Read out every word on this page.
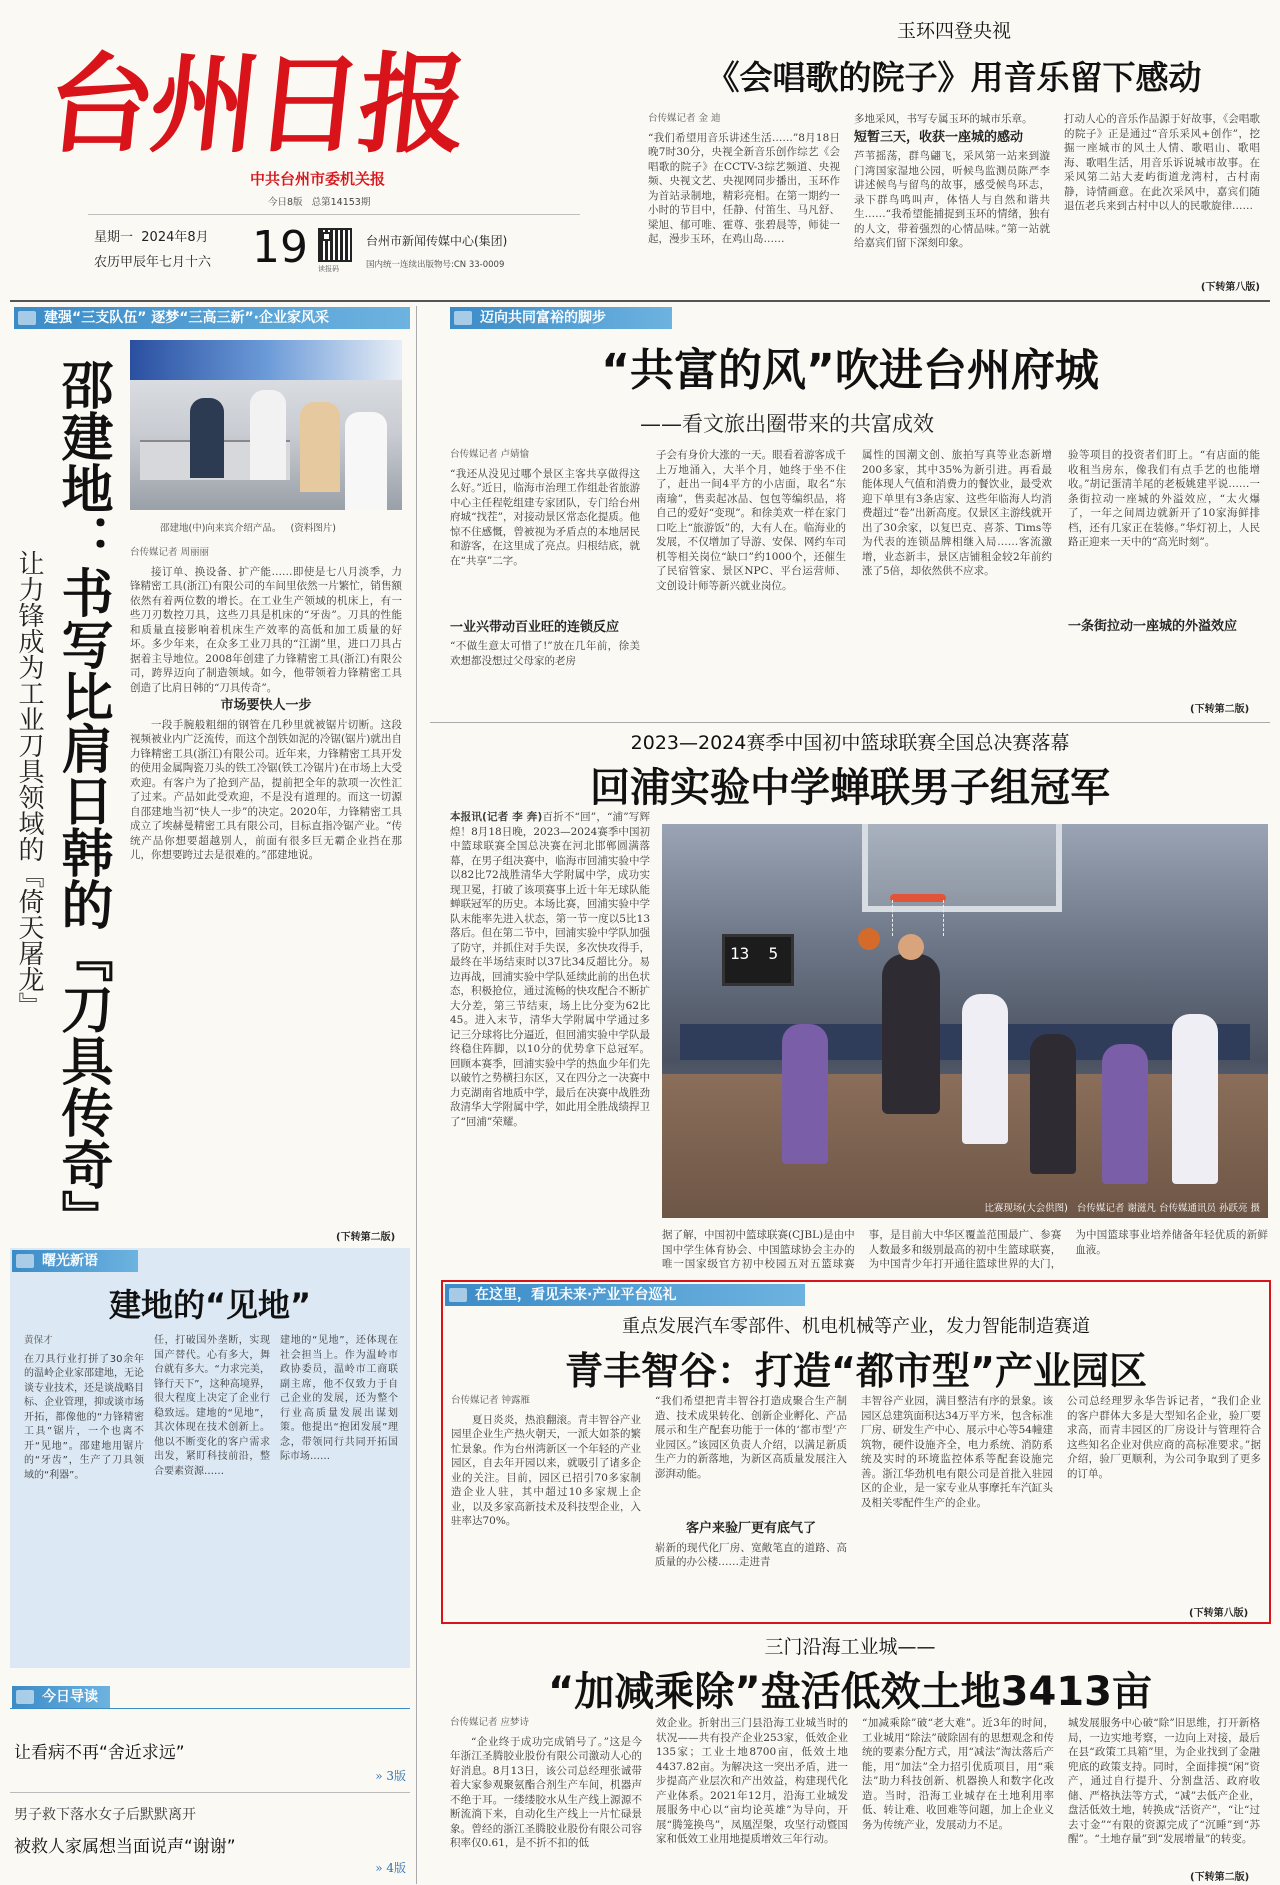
台州日报
中共台州市委机关报
今日8版 总第14153期
星期一 2024年8月
农历甲辰年七月十六 19 读报码
台州市新闻传媒中心(集团)
国内统一连续出版物号:CN 33-0009
玉环四登央视
《会唱歌的院子》用音乐留下感动
台传媒记者 金 迪
“我们希望用音乐讲述生活……”8月18日晚7时30分，央视全新音乐创作综艺《会唱歌的院子》在CCTV-3综艺频道、央视频、央视文艺、央视网同步播出，玉环作为首站录制地，精彩亮相。在第一期约一小时的节目中，任静、付笛生、马凡舒、梁旭、郁可唯、霍尊、张碧晨等，师徒一起，漫步玉环，在鸡山岛……
多地采风，书写专属玉环的城市乐章。
短暂三天，收获一座城的感动
芦苇摇荡，群鸟翩飞，采风第一站来到漩门湾国家湿地公园，听候鸟监测员陈严李讲述候鸟与留鸟的故事，感受候鸟环志，录下群鸟鸣叫声，体悟人与自然和谐共生……“我希望能捕捉到玉环的情绪，独有的人文，带着强烈的心情品味。”第一站就给嘉宾们留下深刻印象。
打动人心的音乐作品源于好故事，《会唱歌的院子》正是通过“音乐采风+创作”，挖掘一座城市的风土人情、歌唱山、歌唱海、歌唱生活，用音乐诉说城市故事。在采风第二站大麦屿街道龙湾村，古村南静，诗情画意。在此次采风中，嘉宾们随退伍老兵来到古村中以人的民歌旋律……
(下转第八版)
建强“三支队伍” 逐梦“三高三新”·企业家风采
邵建地：书写比肩日韩的『刀具传奇』
让力锋成为工业刀具领域的『倚天屠龙』
邵建地(中)向来宾介绍产品。 (资料图片)
台传媒记者 周丽丽
接订单、换设备、扩产能……即使是七八月淡季，力锋精密工具(浙江)有限公司的车间里依然一片繁忙，销售额依然有着两位数的增长。在工业生产领域的机床上，有一些刀刃数控刀具，这些刀具是机床的“牙齿”。刀具的性能和质量直接影响着机床生产效率的高低和加工质量的好坏。多少年来，在众多工业刀具的“江湖”里，进口刀具占据着主导地位。2008年创建了力锋精密工具(浙江)有限公司，跨界迈向了制造领域。如今，他带领着力锋精密工具创造了比肩日韩的“刀具传奇”。
市场要快人一步
一段手腕般粗细的钢管在几秒里就被锯片切断。这段视频被业内广泛流传，而这个剖铁如泥的冷锯(锯片)就出自力锋精密工具(浙江)有限公司。近年来，力锋精密工具开发的使用金属陶瓷刀头的铁工冷锯(铁工冷锯片)在市场上大受欢迎。有客户为了抢到产品，提前把全年的款项一次性汇了过来。产品如此受欢迎，不是没有道理的。而这一切源自邵建地当初“快人一步”的决定。2020年，力锋精密工具成立了埃赫曼精密工具有限公司，目标直指冷锯产业。“传统产品你想要超越别人，前面有很多巨无霸企业挡在那儿，你想要跨过去是很难的。”邵建地说。
(下转第二版)
曙光新语
建地的“见地”
黄保才
在刀具行业打拼了30余年的温岭企业家邵建地，无论谈专业技术，还是谈战略目标、企业管理，抑或谈市场开拓，都像他的“力锋精密工具”锯片，一个也离不开“见地”。邵建地用锯片的“牙齿”，生产了刀具领域的“利器”。
任，打破国外垄断，实现国产替代。心有多大，舞台就有多大。“力求完美，锋行天下”，这种高境界，很大程度上决定了企业行稳致远。建地的“见地”，其次体现在技术创新上。他以不断变化的客户需求出发，紧盯科技前沿，整合要素资源……
建地的“见地”，还体现在社会担当上。作为温岭市政协委员，温岭市工商联副主席，他不仅致力于自己企业的发展，还为整个行业高质量发展出谋划策。他提出“抱团发展”理念，带领同行共同开拓国际市场……
今日导读
让看病不再“舍近求远”
» 3版
男子救下落水女子后默默离开
被救人家属想当面说声“谢谢”
» 4版
迈向共同富裕的脚步
“共富的风”吹进台州府城
——看文旅出圈带来的共富成效
台传媒记者 卢婧愉
“我还从没见过哪个景区主客共享做得这么好。”近日，临海市治理工作组赴省旅游中心主任程乾组建专家团队，专门给台州府城“找茬”，对接动景区常态化提质。他惊不住感慨，曾被视为矛盾点的本地居民和游客，在这里成了亮点。归根结底，就在“共享”二字。
一业兴带动百业旺的连锁反应
“不做生意太可惜了!”放在几年前，徐美欢想都没想过父母家的老房
子会有身价大涨的一天。眼看着游客成千上万地涌入，大半个月，她终于坐不住了，赶出一间4平方的小店面，取名“东南瑜”，售卖起冰品、包包等编织品，将自己的爱好“变现”。和徐美欢一样在家门口吃上“旅游饭”的，大有人在。临海业的发展，不仅增加了导游、安保、网约车司机等相关岗位“缺口”约1000个，还催生了民宿管家、景区NPC、平台运营师、文创设计师等新兴就业岗位。
属性的国潮文创、旅拍写真等业态新增200多家，其中35%为新引进。再看最能体现人气值和消费力的餐饮业，最受欢迎下单里有3条店家、这些年临海人均消费超过“卷”出新高度。仅景区主游线就开出了30余家，以复巴克、喜茶、Tims等为代表的连锁品牌相继入局……客流激增，业态新丰，景区店铺租金较2年前约涨了5倍，却依然供不应求。
验等项目的投资者们盯上。“有店面的能收租当房东，像我们有点手艺的也能增收。”胡记蛋清羊尾的老板姚建平说……一条街拉动一座城的外溢效应，“太火爆了，一年之间周边就新开了10家海鲜排档，还有几家正在装修。”华灯初上，人民路正迎来一天中的“高光时刻”。
一条街拉动一座城的外溢效应
(下转第二版)
2023—2024赛季中国初中篮球联赛全国总决赛落幕
回浦实验中学蝉联男子组冠军
本报讯(记者 李 奔)百折不“回”，“浦”写辉煌！8月18日晚，2023—2024赛季中国初中篮球联赛全国总决赛在河北邯郸圆满落幕，在男子组决赛中，临海市回浦实验中学以82比72战胜清华大学附属中学，成功实现卫冕，打破了该项赛事上近十年无球队能蝉联冠军的历史。本场比赛，回浦实验中学队末能率先进入状态，第一节一度以5比13落后。但在第二节中，回浦实验中学队加强了防守，并抓住对手失误，多次快攻得手，最终在半场结束时以37比34反超比分。易边再战，回浦实验中学队延续此前的出色状态，积极抢位，通过流畅的快攻配合不断扩大分差，第三节结束，场上比分变为62比45。进入末节，清华大学附属中学通过多记三分球将比分逼近，但回浦实验中学队最终稳住阵脚，以10分的优势拿下总冠军。回顾本赛季，回浦实验中学的热血少年们先以破竹之势横扫东区，又在四分之一决赛中力克湖南省地质中学，最后在决赛中战胜劲敌清华大学附属中学，如此用全胜战绩捍卫了“回浦”荣耀。
13  5
比赛现场(大会供图) 台传媒记者 谢滋凡 台传媒通讯员 孙跃亮 摄
据了解，中国初中篮球联赛(CJBL)是由中国中学生体育协会、中国篮球协会主办的唯一国家级官方初中校园五对五篮球赛事，是目前大中华区覆盖范围最广、参赛人数最多和级别最高的初中生篮球联赛，为中国青少年打开通往篮球世界的大门，为中国篮球事业培养储备年轻优质的新鲜血液。
在这里，看见未来·产业平台巡礼
重点发展汽车零部件、机电机械等产业，发力智能制造赛道
青丰智谷：打造“都市型”产业园区
台传媒记者 钟露雁
夏日炎炎，热浪翻滚。青丰智谷产业园里企业生产热火朝天，一派大如茶的繁忙景象。作为台州湾新区一个年轻的产业园区，自去年开园以来，就吸引了诸多企业的关注。目前，园区已招引70多家制造企业人驻，其中超过10多家规上企业，以及多家高新技术及科技型企业，入驻率达70%。
“我们希望把青丰智谷打造成聚合生产制造、技术成果转化、创新企业孵化、产品展示和生产配套功能于一体的‘都市型’产业园区。”该园区负责人介绍，以满足新质生产力的新落地，为新区高质量发展注入澎湃动能。
客户来验厂更有底气了
崭新的现代化厂房、宽敞笔直的道路、高质量的办公楼……走进青
丰智谷产业园，满目整洁有序的景象。该园区总建筑面积达34万平方米，包含标准厂房、研发生产中心、展示中心等54幢建筑物，硬件设施齐全，电力系统、消防系统及实时的环境监控体系等配套设施完善。浙江华劲机电有限公司是首批入驻园区的企业，是一家专业从事摩托车汽缸头及相关零配件生产的企业。
公司总经理罗永华告诉记者，“我们企业的客户群体大多是大型知名企业，验厂要求高，而青丰园区的厂房设计与管理符合这些知名企业对供应商的高标准要求。”据介绍，验厂更顺利，为公司争取到了更多的订单。
(下转第八版)
三门沿海工业城——
“加减乘除”盘活低效土地3413亩
台传媒记者 应梦诗
“企业终于成功完成销号了。”这是今年浙江圣腾胶业股份有限公司激动人心的好消息。8月13日，该公司总经理张诚带着大家参观聚氨酯合剂生产车间，机器声不绝于耳。一缕缕胶水从生产线上源源不断流淌下来，自动化生产线上一片忙碌景象。曾经的浙江圣腾胶业股份有限公司容积率仅0.61，是不折不扣的低
效企业。折射出三门县沿海工业城当时的状况——共有投产企业253家，低效企业135家；工业土地8700亩，低效土地4437.82亩。为解决这一突出矛盾，进一步提高产业层次和产出效益，构建现代化产业体系。2021年12月，沿海工业城发展服务中心以“亩均论英雄”为导向，开展“腾笼换鸟”，凤凰涅槃，攻坚行动暨国家和低效工业用地提质增效三年行动。
“加减乘除”破“老大难”。近3年的时间，工业城用“除法”破除固有的思想观念和传统的要素分配方式，用“减法”淘汰落后产能，用“加法”全力招引优质项目，用“乘法”助力科技创新、机器换人和数字化改造。当时，沿海工业城存在土地利用率低、转让难、收回难等问题，加上企业义务为传统产业，发展动力不足。
城发展服务中心破“除”旧思维，打开新格局，一边实地考察，一边向上对接，最后在县“政策工具箱”里，为企业找到了金融兜底的政策支持。同时，全面排摸“闲”资产，通过自行提升、分割盘活、政府收储、严格执法等方式，“减”去低产企业，盘活低效土地，转换成“活资产”，“让“过去寸金”“有限的资源完成了“沉睡”到“苏醒”。“土地存量”到“发展增量”的转变。
(下转第二版)
